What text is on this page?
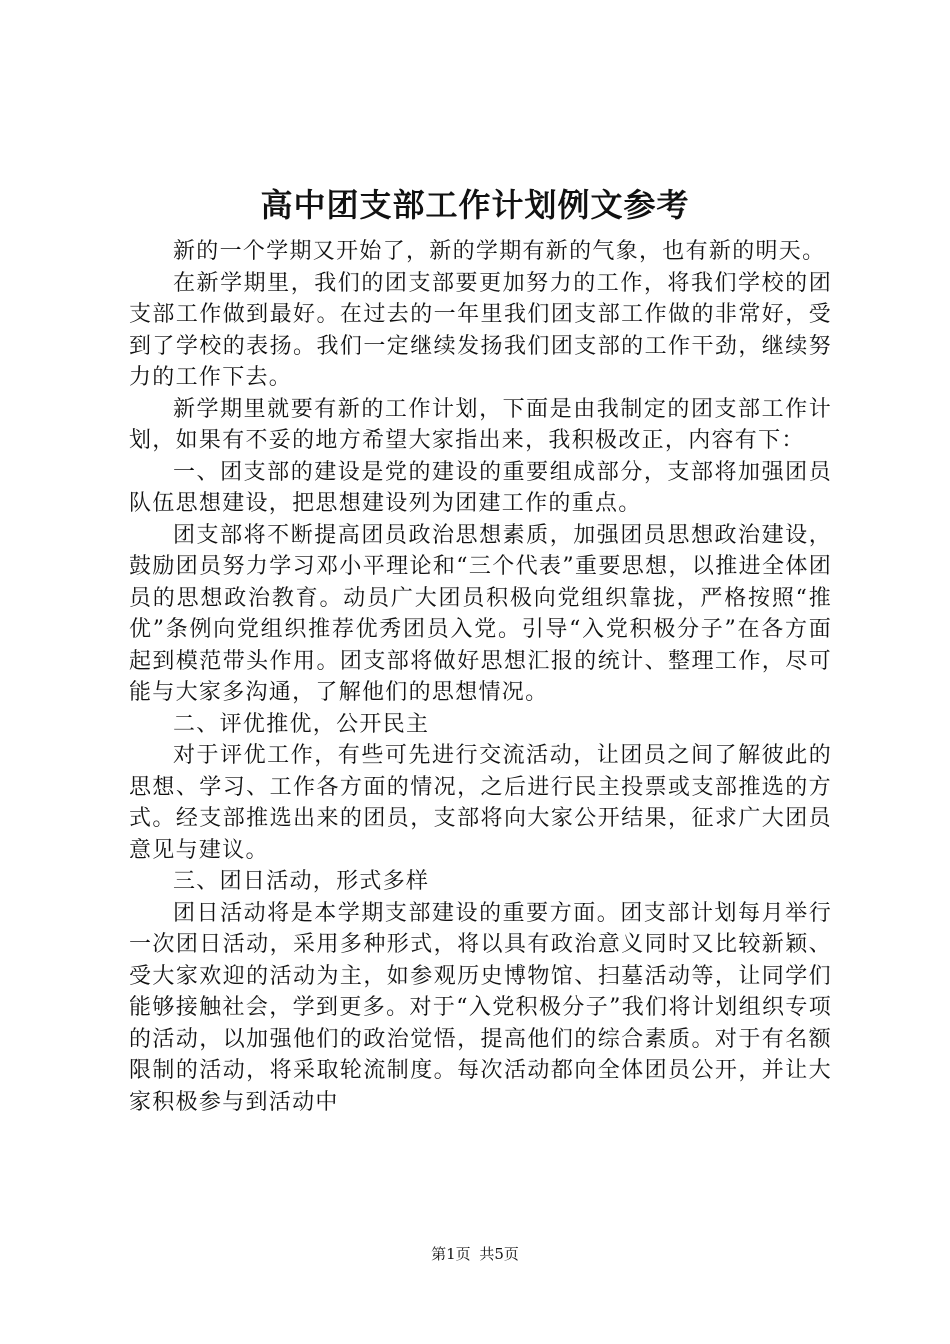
高中团支部工作计划例文参考

新的一个学期又开始了，新的学期有新的气象，也有新的明天。

在新学期里，我们的团支部要更加努力的工作，将我们学校的团支部工作做到最好。在过去的一年里我们团支部工作做的非常好，受到了学校的表扬。我们一定继续发扬我们团支部的工作干劲，继续努力的工作下去。

新学期里就要有新的工作计划，下面是由我制定的团支部工作计划，如果有不妥的地方希望大家指出来，我积极改正，内容有下：

一、团支部的建设是党的建设的重要组成部分，支部将加强团员队伍思想建设，把思想建设列为团建工作的重点。

团支部将不断提高团员政治思想素质，加强团员思想政治建设，鼓励团员努力学习邓小平理论和“三个代表”重要思想，以推进全体团员的思想政治教育。动员广大团员积极向党组织靠拢，严格按照“推优”条例向党组织推荐优秀团员入党。引导“入党积极分子”在各方面起到模范带头作用。团支部将做好思想汇报的统计、整理工作，尽可能与大家多沟通，了解他们的思想情况。

二、评优推优，公开民主

对于评优工作，有些可先进行交流活动，让团员之间了解彼此的思想、学习、工作各方面的情况，之后进行民主投票或支部推选的方式。经支部推选出来的团员，支部将向大家公开结果，征求广大团员意见与建议。

三、团日活动，形式多样

团日活动将是本学期支部建设的重要方面。团支部计划每月举行一次团日活动，采用多种形式，将以具有政治意义同时又比较新颖、受大家欢迎的活动为主，如参观历史博物馆、扫墓活动等，让同学们能够接触社会，学到更多。对于“入党积极分子”我们将计划组织专项的活动，以加强他们的政治觉悟，提高他们的综合素质。对于有名额限制的活动，将采取轮流制度。每次活动都向全体团员公开，并让大家积极参与到活动中

第1页 共5页
